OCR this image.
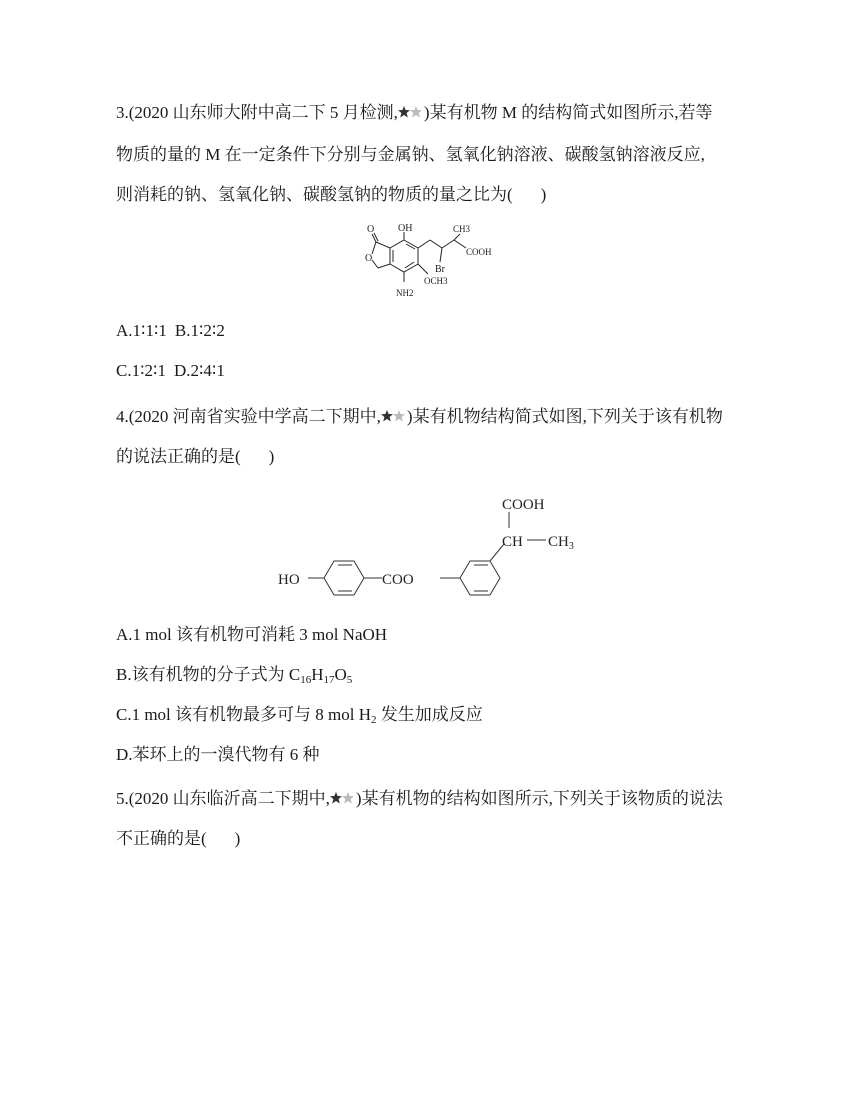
3.(2020 山东师大附中高二下 5 月检测, )某有机物 M 的结构简式如图所示,若等
物质的量的 M 在一定条件下分别与金属钠、氢氧化钠溶液、碳酸氢钠溶液反应,
则消耗的钠、氢氧化钠、碳酸氢钠的物质的量之比为( )
OH	CH3
COOH
Br
OCH3
NH2
O
O
A.1∶1∶1 B.1∶2∶2
C.1∶2∶1 D.2∶4∶1
4.(2020 河南省实验中学高二下期中, )某有机物结构简式如图,下列关于该有机物
的说法正确的是( )
HO	COO
COOH
CH $CH_3$
A.1 mol 该有机物可消耗 3 mol NaOH
B.该有机物的分子式为 $C_{16}H_{17}O_5$
C.1 mol 该有机物最多可与 8 mol $H_2$ 发生加成反应
D.苯环上的一溴代物有 6 种
5.(2020 山东临沂高二下期中, )某有机物的结构如图所示,下列关于该物质的说法
不正确的是( )
